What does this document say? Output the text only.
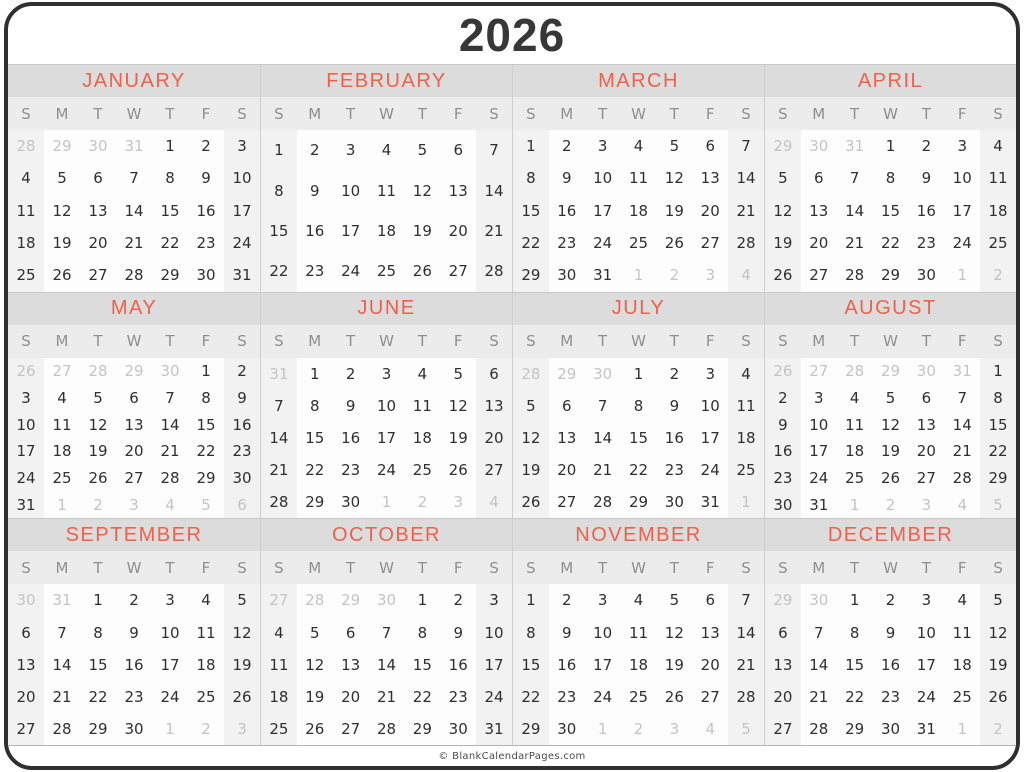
2026
JANUARY
S	M	T	W	T	F	S
28	29	30	31	1	2	3
4	5	6	7	8	9	10
11	12	13	14	15	16	17
18	19	20	21	22	23	24
25	26	27	28	29	30	31
FEBRUARY
S	M	T	W	T	F	S
1	2	3	4	5	6	7
8	9	10	11	12	13	14
15	16	17	18	19	20	21
22	23	24	25	26	27	28
MARCH
S	M	T	W	T	F	S
1	2	3	4	5	6	7
8	9	10	11	12	13	14
15	16	17	18	19	20	21
22	23	24	25	26	27	28
29	30	31	1	2	3	4
APRIL
S	M	T	W	T	F	S
29	30	31	1	2	3	4
5	6	7	8	9	10	11
12	13	14	15	16	17	18
19	20	21	22	23	24	25
26	27	28	29	30	1	2
MAY
S	M	T	W	T	F	S
26	27	28	29	30	1	2
3	4	5	6	7	8	9
10	11	12	13	14	15	16
17	18	19	20	21	22	23
24	25	26	27	28	29	30
31	1	2	3	4	5	6
JUNE
S	M	T	W	T	F	S
31	1	2	3	4	5	6
7	8	9	10	11	12	13
14	15	16	17	18	19	20
21	22	23	24	25	26	27
28	29	30	1	2	3	4
JULY
S	M	T	W	T	F	S
28	29	30	1	2	3	4
5	6	7	8	9	10	11
12	13	14	15	16	17	18
19	20	21	22	23	24	25
26	27	28	29	30	31	1
AUGUST
S	M	T	W	T	F	S
26	27	28	29	30	31	1
2	3	4	5	6	7	8
9	10	11	12	13	14	15
16	17	18	19	20	21	22
23	24	25	26	27	28	29
30	31	1	2	3	4	5
SEPTEMBER
S	M	T	W	T	F	S
30	31	1	2	3	4	5
6	7	8	9	10	11	12
13	14	15	16	17	18	19
20	21	22	23	24	25	26
27	28	29	30	1	2	3
OCTOBER
S	M	T	W	T	F	S
27	28	29	30	1	2	3
4	5	6	7	8	9	10
11	12	13	14	15	16	17
18	19	20	21	22	23	24
25	26	27	28	29	30	31
NOVEMBER
S	M	T	W	T	F	S
1	2	3	4	5	6	7
8	9	10	11	12	13	14
15	16	17	18	19	20	21
22	23	24	25	26	27	28
29	30	1	2	3	4	5
DECEMBER
S	M	T	W	T	F	S
29	30	1	2	3	4	5
6	7	8	9	10	11	12
13	14	15	16	17	18	19
20	21	22	23	24	25	26
27	28	29	30	31	1	2
© BlankCalendarPages.com
